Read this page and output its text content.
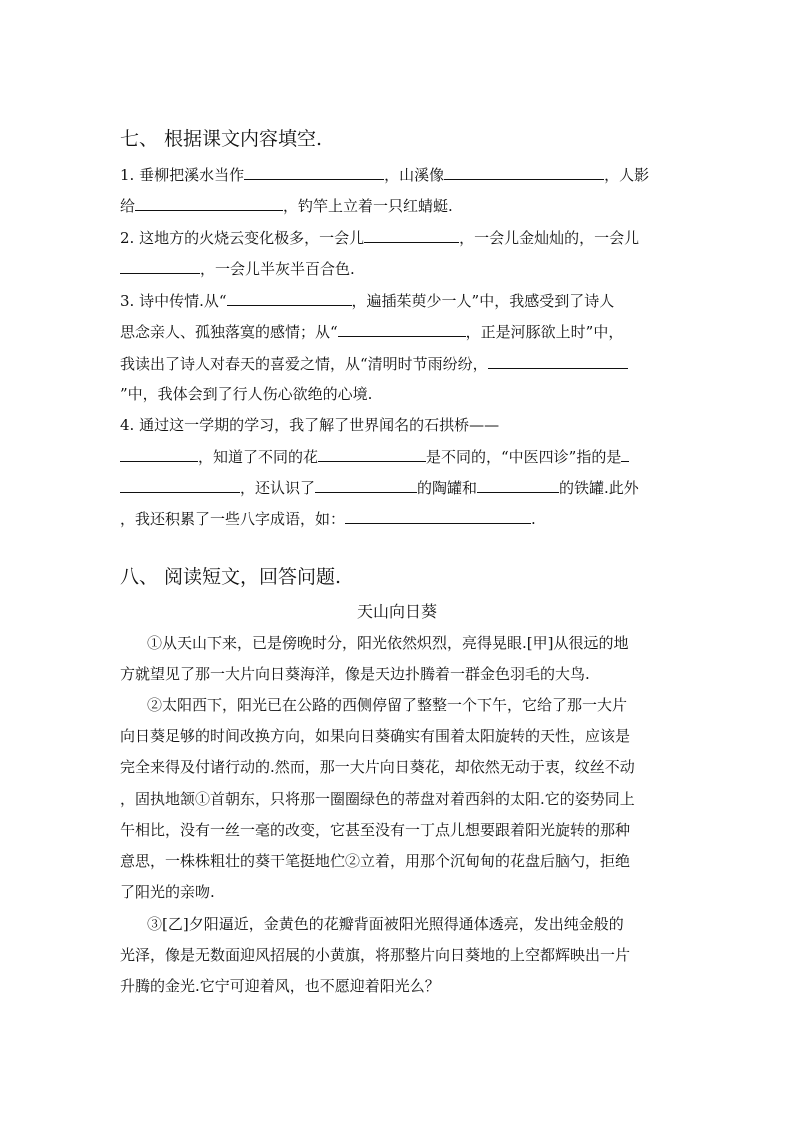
七、 根据课文内容填空.
1. 垂柳把溪水当作	，山溪像	，人影
给	，钓竿上立着一只红蜻蜓.
2. 这地方的火烧云变化极多，一会儿	，一会儿金灿灿的，一会儿
，一会儿半灰半百合色.
3. 诗中传情.从“	，遍插茱萸少一人”中，我感受到了诗人
思念亲人、孤独落寞的感情；从“	，正是河豚欲上时”中，
我读出了诗人对春天的喜爱之情，从“清明时节雨纷纷，
”中，我体会到了行人伤心欲绝的心境.
4. 通过这一学期的学习，我了解了世界闻名的石拱桥——
，知道了不同的花	是不同的，“中医四诊”指的是
，还认识了	的陶罐和	的铁罐.此外
，我还积累了一些八字成语，如：	.
八、 阅读短文，回答问题.
天山向日葵
①从天山下来，已是傍晚时分，阳光依然炽烈，亮得晃眼.[甲]从很远的地
方就望见了那一大片向日葵海洋，像是天边扑腾着一群金色羽毛的大鸟.
②太阳西下，阳光已在公路的西侧停留了整整一个下午，它给了那一大片
向日葵足够的时间改换方向，如果向日葵确实有围着太阳旋转的天性，应该是
完全来得及付诸行动的.然而，那一大片向日葵花，却依然无动于衷，纹丝不动
，固执地颔①首朝东，只将那一圈圈绿色的蒂盘对着西斜的太阳.它的姿势同上
午相比，没有一丝一毫的改变，它甚至没有一丁点儿想要跟着阳光旋转的那种
意思，一株株粗壮的葵干笔挺地伫②立着，用那个沉甸甸的花盘后脑勺，拒绝
了阳光的亲吻.
③[乙]夕阳逼近，金黄色的花瓣背面被阳光照得通体透亮，发出纯金般的
光泽，像是无数面迎风招展的小黄旗，将那整片向日葵地的上空都辉映出一片
升腾的金光.它宁可迎着风，也不愿迎着阳光么？
